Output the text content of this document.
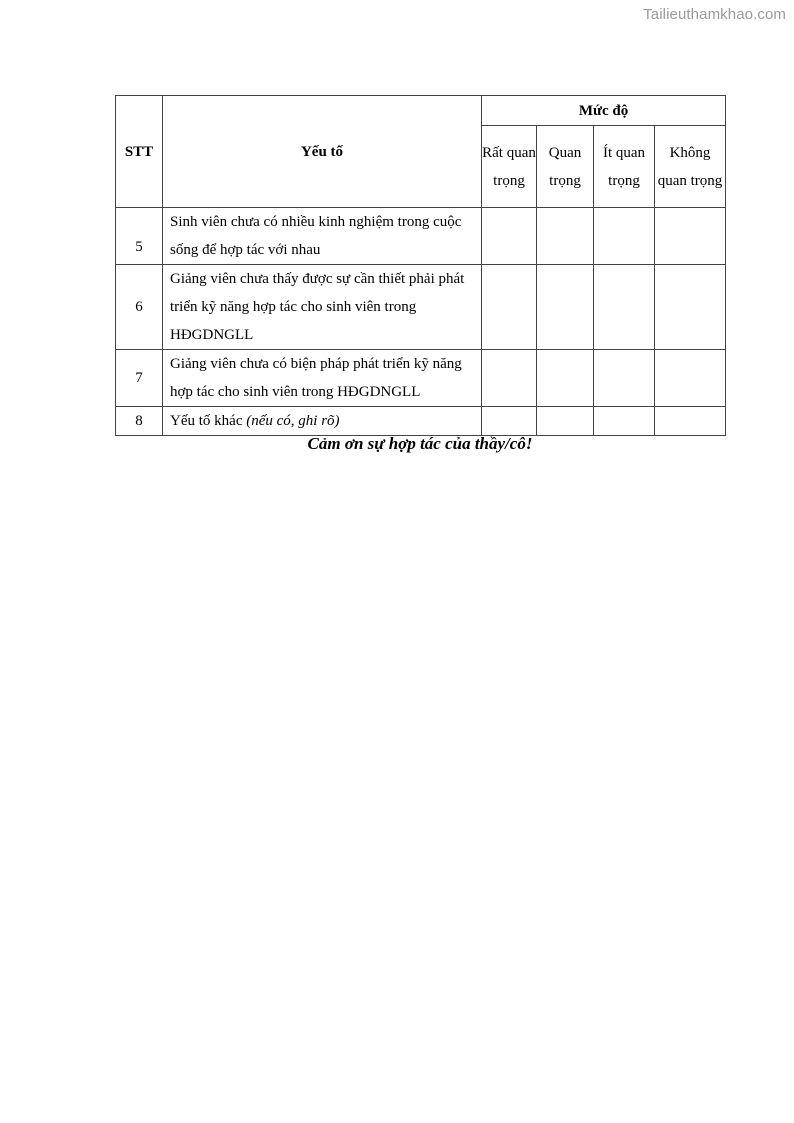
Tailieuthamkhao.com
STT	Yếu tố	Mức độ			
		Rất quan trọng	Quan trọng	Ít quan trọng	Không quan trọng
5	Sinh viên chưa có nhiều kinh nghiệm trong cuộc sống để hợp tác với nhau				
6	Giảng viên chưa thấy được sự cần thiết phải phát triển kỹ năng hợp tác cho sinh viên trong HĐGDNGLL				
7	Giảng viên chưa có biện pháp phát triển kỹ năng hợp tác cho sinh viên trong HĐGDNGLL				
8	Yếu tố khác (nếu có, ghi rõ)				
Cảm ơn sự hợp tác của thầy/cô!
